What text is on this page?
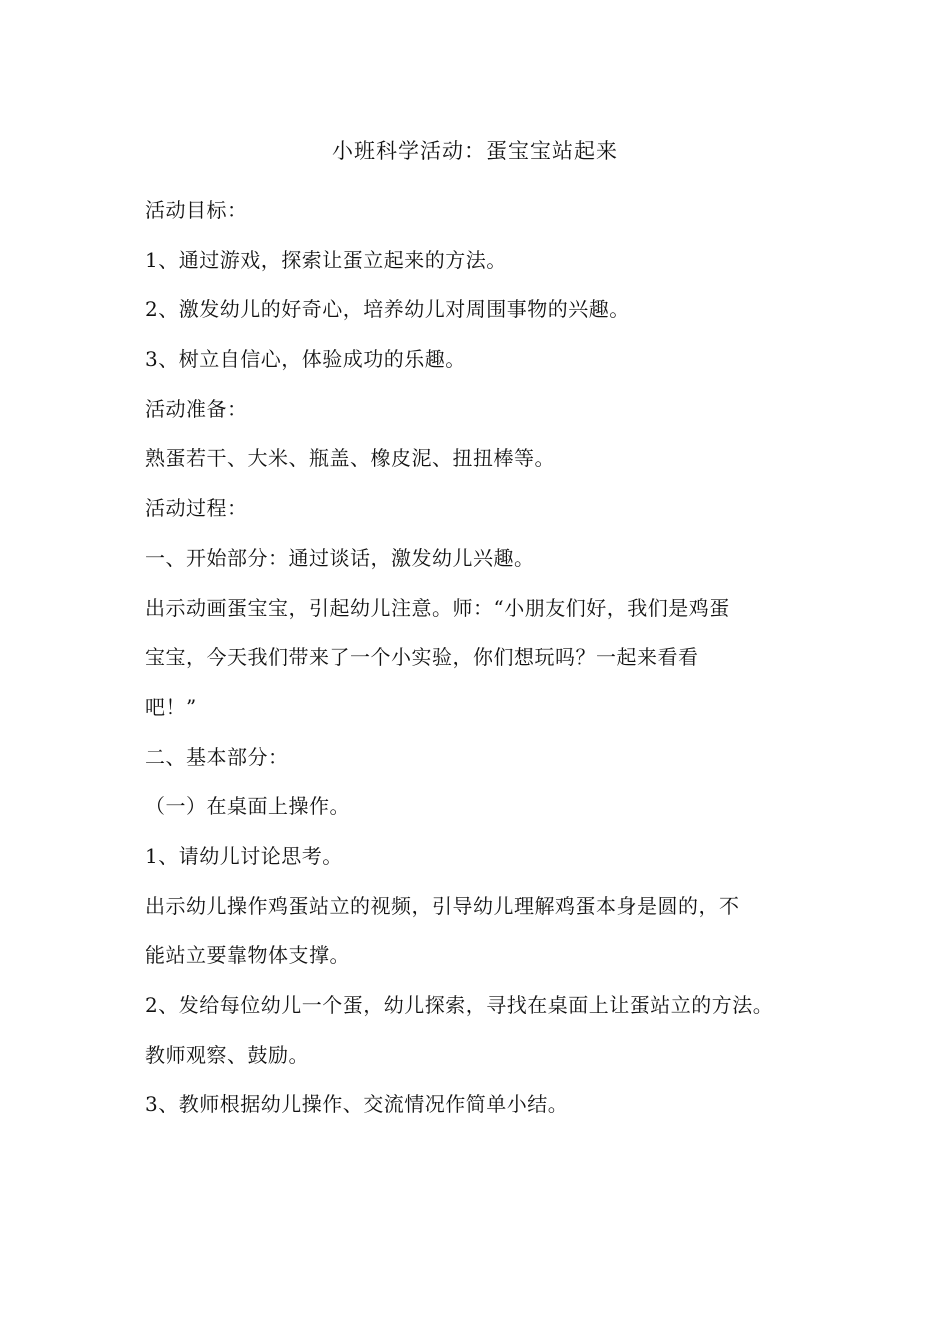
小班科学活动：蛋宝宝站起来
活动目标：
1、通过游戏，探索让蛋立起来的方法。
2、激发幼儿的好奇心，培养幼儿对周围事物的兴趣。
3、树立自信心，体验成功的乐趣。
活动准备：
熟蛋若干、大米、瓶盖、橡皮泥、扭扭棒等。
活动过程：
一、开始部分：通过谈话，激发幼儿兴趣。
出示动画蛋宝宝，引起幼儿注意。师：“小朋友们好，我们是鸡蛋
宝宝，今天我们带来了一个小实验，你们想玩吗？一起来看看
吧！”
二、基本部分：
（一）在桌面上操作。
1、请幼儿讨论思考。
出示幼儿操作鸡蛋站立的视频，引导幼儿理解鸡蛋本身是圆的，不
能站立要靠物体支撑。
2、发给每位幼儿一个蛋，幼儿探索，寻找在桌面上让蛋站立的方法。
教师观察、鼓励。
3、教师根据幼儿操作、交流情况作简单小结。
